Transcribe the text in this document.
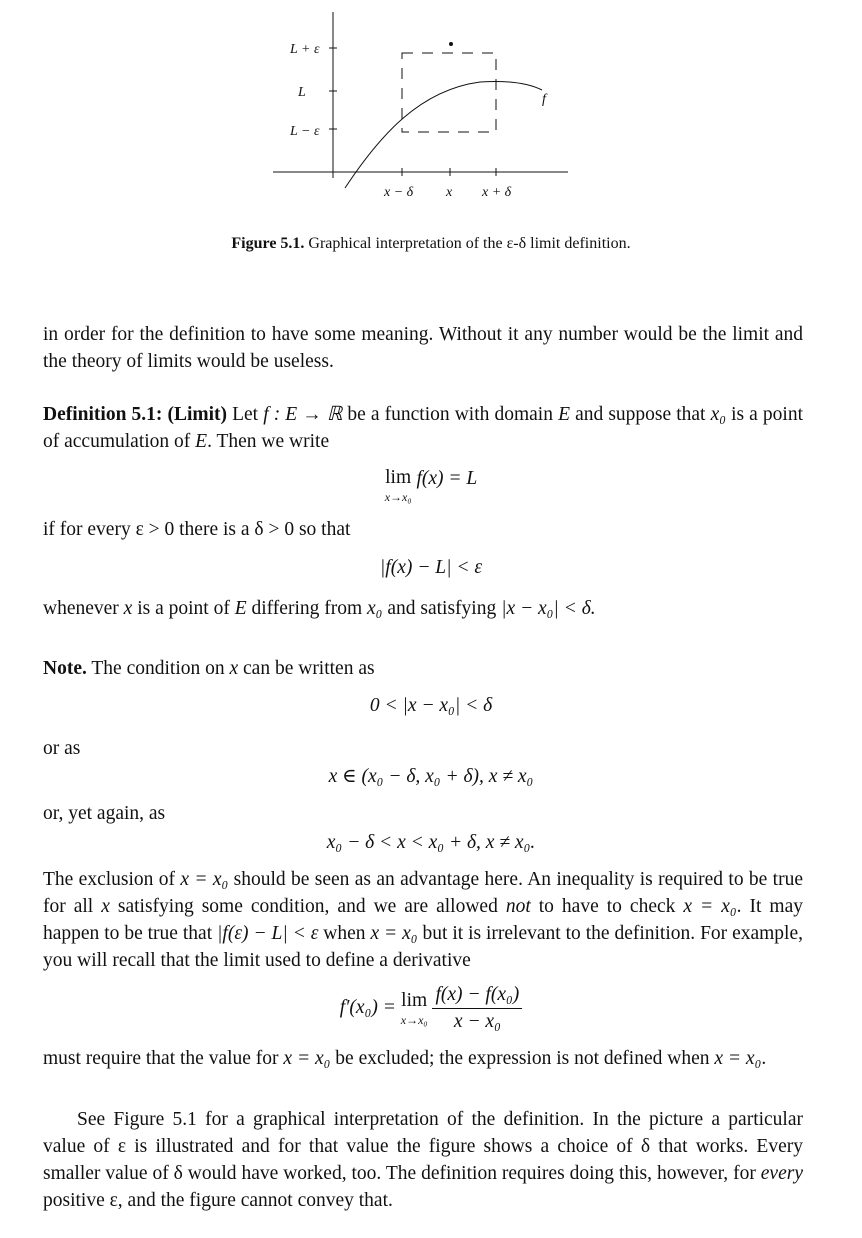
L + ε
L
L − ε
x − δ x x + δ
f
Figure 5.1. Graphical interpretation of the ε-δ limit definition.
in order for the definition to have some meaning. Without it any number would be the limit and the theory of limits would be useless.
Definition 5.1: (Limit) Let f : E → ℝ be a function with domain E and suppose that x₀ is a point of accumulation of E. Then we write
lim
x→x₀
f(x) = L
if for every ε > 0 there is a δ > 0 so that
|f(x) − L| < ε
whenever x is a point of E differing from x₀ and satisfying |x − x₀| < δ.
Note. The condition on x can be written as
0 < |x − x₀| < δ
or as
x ∈ (x₀ − δ, x₀ + δ), x ≠ x₀
or, yet again, as
x₀ − δ < x < x₀ + δ, x ≠ x₀.
The exclusion of x = x₀ should be seen as an advantage here. An inequality is required to be true for all x satisfying some condition, and we are allowed not to have to check x = x₀. It may happen to be true that |f(ε) − L| < ε when x = x₀ but it is irrelevant to the definition. For example, you will recall that the limit used to define a derivative
f′(x₀) = lim
x→x₀
$\frac{\text{f(x) − f(x₀)}}{\text{x − x₀}}$
must require that the value for x = x₀ be excluded; the expression is not defined when x = x₀.
See Figure 5.1 for a graphical interpretation of the definition. In the picture a particular value of ε is illustrated and for that value the figure shows a choice of δ that works. Every smaller value of δ would have worked, too. The definition requires doing this, however, for every positive ε, and the figure cannot convey that.
